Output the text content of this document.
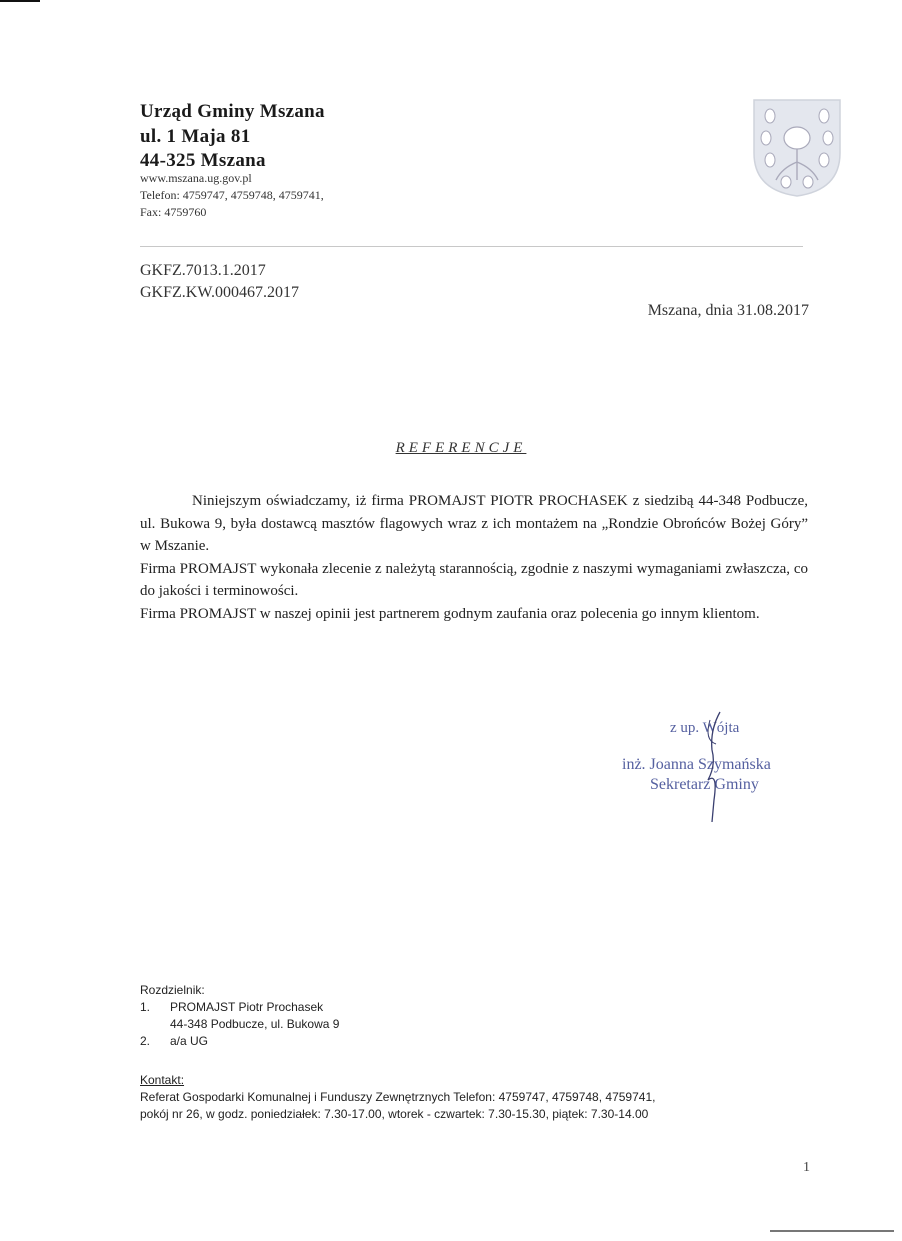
Urząd Gminy Mszana
ul. 1 Maja 81
44-325 Mszana
www.mszana.ug.gov.pl
Telefon: 4759747, 4759748, 4759741,
Fax: 4759760
GKFZ.7013.1.2017
GKFZ.KW.000467.2017
Mszana, dnia 31.08.2017
REFERENCJE
Niniejszym oświadczamy, iż firma PROMAJST PIOTR PROCHASEK z siedzibą 44-348 Podbucze, ul. Bukowa 9, była dostawcą masztów flagowych wraz z ich montażem na „Rondzie Obrońców Bożej Góry” w Mszanie.
Firma PROMAJST wykonała zlecenie z należytą starannością, zgodnie z naszymi wymaganiami zwłaszcza, co do jakości i terminowości.
Firma PROMAJST w naszej opinii jest partnerem godnym zaufania oraz polecenia go innym klientom.
z up. Wójta
inż. Joanna Szymańska
Sekretarz Gminy
Rozdzielnik:
1.	PROMAJST Piotr Prochasek
44-348 Podbucze, ul. Bukowa 9
2.	a/a UG
Kontakt:
Referat Gospodarki Komunalnej i Funduszy Zewnętrznych Telefon: 4759747, 4759748, 4759741,
pokój nr 26, w godz. poniedziałek: 7.30-17.00, wtorek - czwartek: 7.30-15.30, piątek: 7.30-14.00
1
